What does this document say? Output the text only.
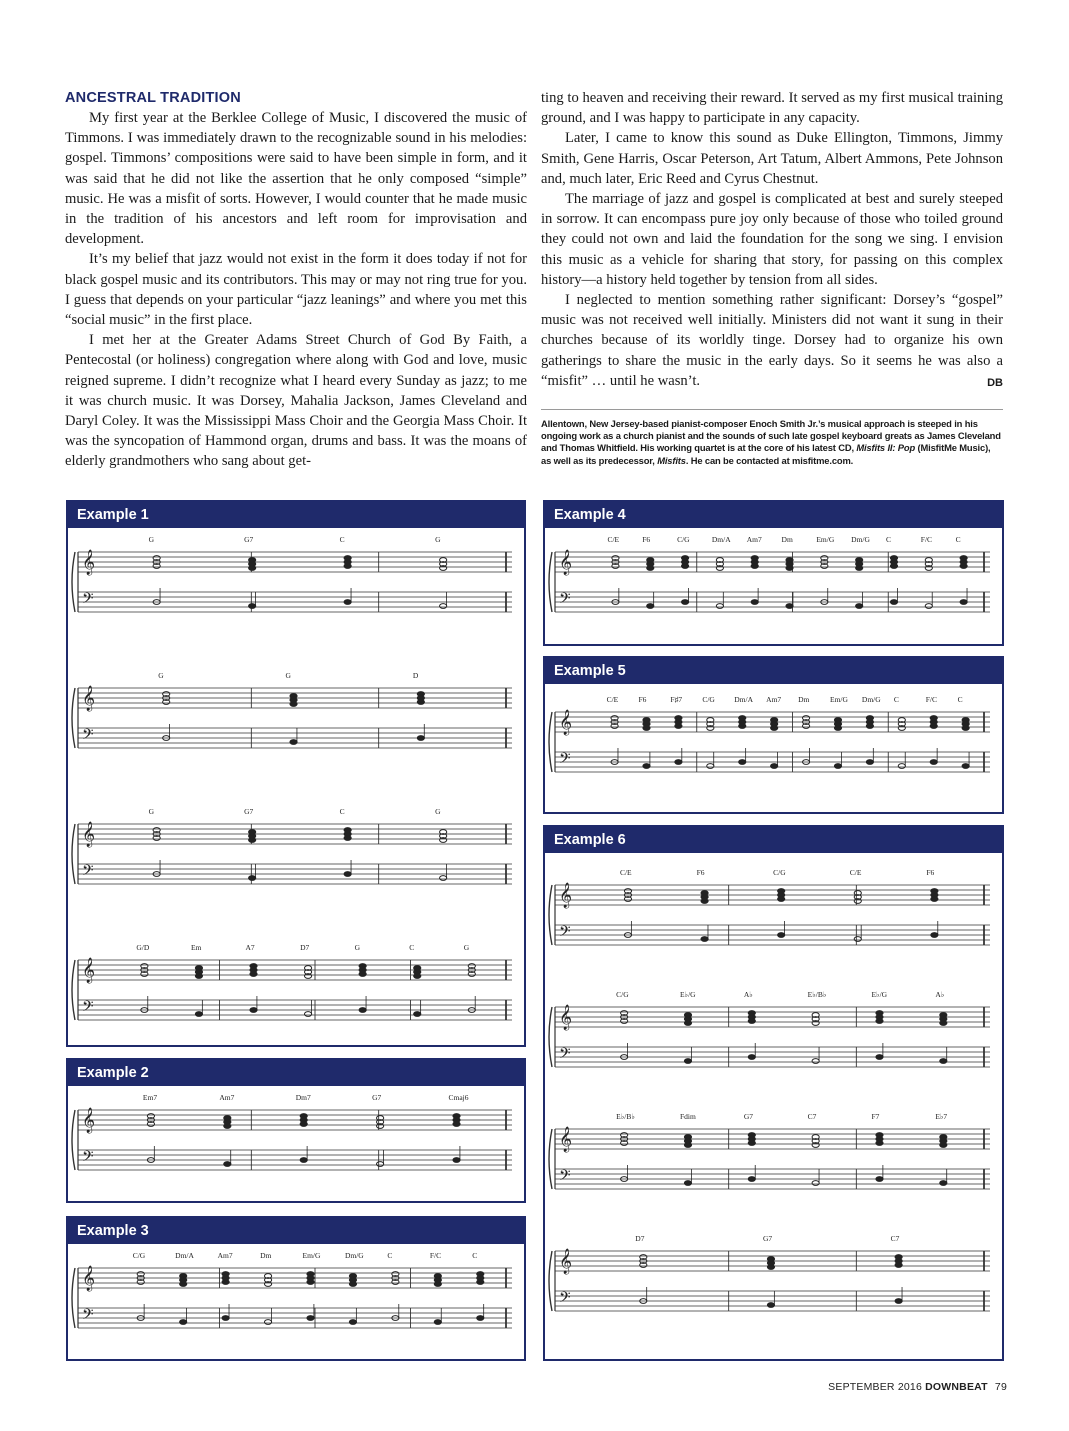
ANCESTRAL TRADITION

My first year at the Berklee College of Music, I discovered the music of Timmons. I was immediately drawn to the recognizable sound in his melodies: gospel. Timmons’ compositions were said to have been simple in form, and it was said that he did not like the assertion that he only composed “simple” music. He was a misfit of sorts. However, I would counter that he made music in the tradition of his ancestors and left room for improvisation and development.

It’s my belief that jazz would not exist in the form it does today if not for black gospel music and its contributors. This may or may not ring true for you. I guess that depends on your particular “jazz leanings” and where you met this “social music” in the first place.

I met her at the Greater Adams Street Church of God By Faith, a Pentecostal (or holiness) congregation where along with God and love, music reigned supreme. I didn’t recognize what I heard every Sunday as jazz; to me it was church music. It was Dorsey, Mahalia Jackson, James Cleveland and Daryl Coley. It was the Mississippi Mass Choir and the Georgia Mass Choir. It was the syncopation of Hammond organ, drums and bass. It was the moans of elderly grandmothers who sang about get-

ting to heaven and receiving their reward. It served as my first musical training ground, and I was happy to participate in any capacity.

Later, I came to know this sound as Duke Ellington, Timmons, Jimmy Smith, Gene Harris, Oscar Peterson, Art Tatum, Albert Ammons, Pete Johnson and, much later, Eric Reed and Cyrus Chestnut.

The marriage of jazz and gospel is complicated at best and surely steeped in sorrow. It can encompass pure joy only because of those who toiled ground they could not own and laid the foundation for the song we sing. I envision this music as a vehicle for sharing that story, for passing on this complex history—a history held together by tension from all sides.

I neglected to mention something rather significant: Dorsey’s “gospel” music was not received well initially. Ministers did not want it sung in their churches because of its worldly tinge. Dorsey had to organize his own gatherings to share the music in the early days. So it seems he was also a “misfit” … until he wasn’t.	DB

Allentown, New Jersey-based pianist-composer Enoch Smith Jr.’s musical approach is steeped in his ongoing work as a church pianist and the sounds of such late gospel keyboard greats as James Cleveland and Thomas Whitfield. His working quartet is at the core of his latest CD, Misfits II: Pop (MisfitMe Music), as well as its predecessor, Misfits. He can be contacted at misfitme.com.
Example 1
𝄞
𝄢
G	G7	C	G
𝄞
𝄢
G	G	D
𝄞
𝄢
G	G7	C	G
𝄞
𝄢
G/D	Em	A7	D7	G	C	G
Example 2
𝄞
𝄢
Em7	Am7	Dm7	G7	Cmaj6
Example 3
𝄞
𝄢
C/G	Dm/A	Am7	Dm	Em/G	Dm/G	C	F/C	C
Example 4
𝄞
𝄢
C/E	F6	C/G	Dm/A Am7	Dm	Em/G Dm/G C	F/C	C
Example 5
𝄞
𝄢
C/E	F6	F♯7	C/G	Dm/A Am7 Dm	Em/G Dm/G C	F/C	C
Example 6
𝄞
𝄢
C/E	F6	C/G	C/E	F6
𝄞
𝄢
C/G	E♭/G	A♭	E♭/B♭	E♭/G	A♭
𝄞
𝄢
E♭/B♭	Fdim	G7	C7	F7	E♭7
𝄞
𝄢
D7	G7	C7
SEPTEMBER 2016 DOWNBEAT 79
